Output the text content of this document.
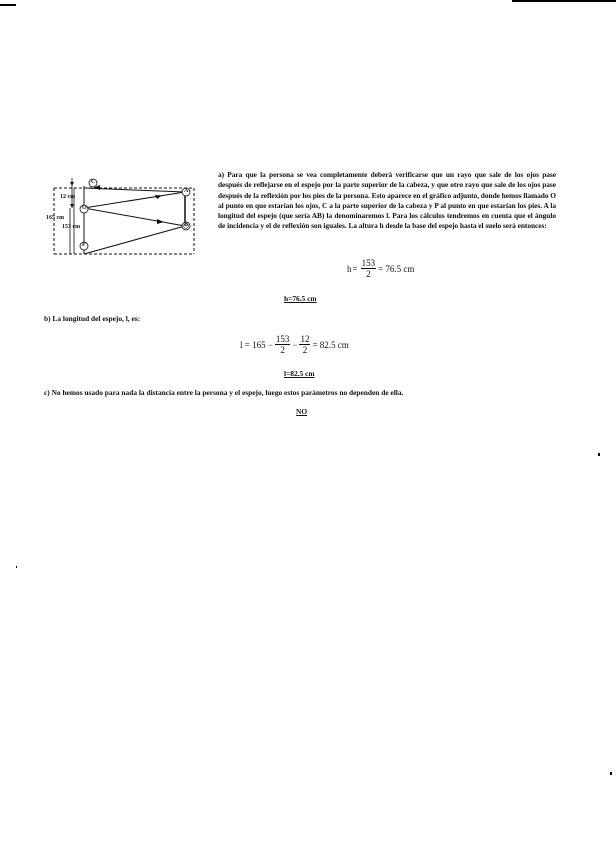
12 cm
165 cm
153 cm
C
O
P
A
B
a) Para que la persona se vea completamente deberá verificarse que un rayo que sale de los ojos pase después de reflejarse en el espejo por la parte superior de la cabeza, y que otro rayo que sale de los ojos pase después de la reflexión por los pies de la persona. Esto aparece en el gráfico adjunto, donde hemos llamado O al punto en que estarían los ojos, C a la parte superior de la cabeza y P al punto en que estarían los pies. A la longitud del espejo (que sería AB) la denominaremos l. Para los cálculos tendremos en cuenta que el ángulo de incidencia y el de reflexión son iguales. La altura h desde la base del espejo hasta el suelo será entonces:
$h = \frac{153}{2} = 76.5$ cm
h=76.5 cm
b) La longitud del espejo, l, es:
$l = 165 - \frac{153}{2} - \frac{12}{2} = 82.5$ cm
l=82.5 cm
c) No hemos usado para nada la distancia entre la persona y el espejo, luego estos parámetros no dependen de ella.
NO
